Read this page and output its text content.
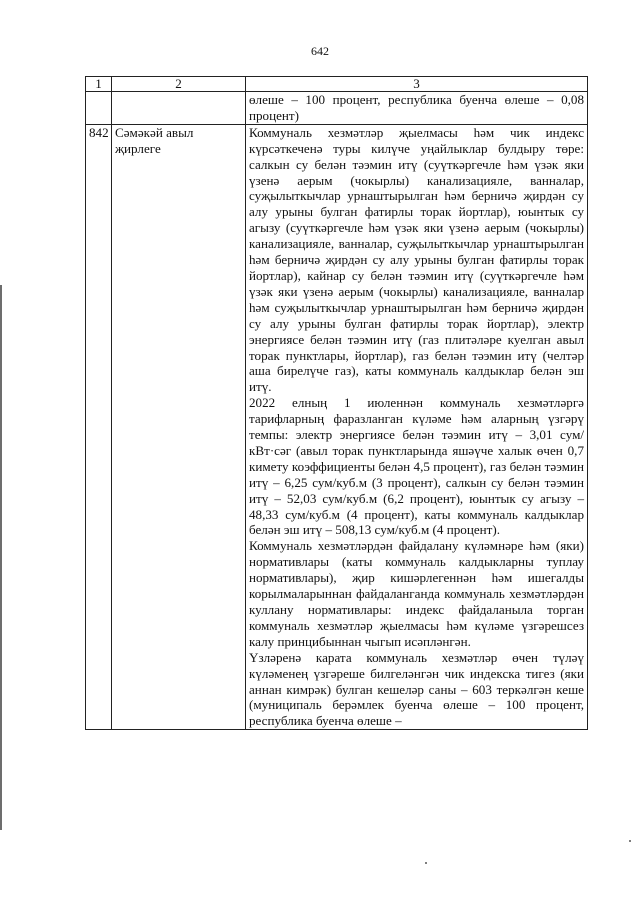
642
1	2	3
		өлеше – 100 процент, республика буенча өлеше – 0,08 процент)
842	Сәмәкәй авыл җирлеге	Коммуналь хезмәтләр җыелмасы һәм чик индекс күрсәткеченә туры килүче уңайлыклар булдыру төре: салкын су белән тәэмин итү (суүткәргечле һәм үзәк яки үзенә аерым (чокырлы) канализацияле, ванналар, суҗылыткычлар урнаштырылган һәм берничә җирдән су алу урыны булган фатирлы торак йортлар), юынтык су агызу (суүткәргечле һәм үзәк яки үзенә аерым (чокырлы) канализацияле, ванналар, суҗылыткычлар урнаштырылган һәм берничә җирдән су алу урыны булган фатирлы торак йортлар), кайнар су белән тәэмин итү (суүткәргечле һәм үзәк яки үзенә аерым (чокырлы) канализацияле, ванналар һәм суҗылыткычлар урнаштырылган һәм берничә җирдән су алу урыны булган фатирлы торак йортлар), электр энергиясе белән тәэмин итү (газ плитәләре куелган авыл торак пунктлары, йортлар), газ белән тәэмин итү (челтәр аша бирелүче газ), каты коммуналь калдыклар белән эш итү.

2022 елның 1 июленнән коммуналь хезмәтләргә тарифларның фаразланган күләме һәм аларның үзгәрү темпы: электр энергиясе белән тәэмин итү – 3,01 сум/кВт·сәг (авыл торак пунктларында яшәүче халык өчен 0,7 кимету коэффициенты белән 4,5 процент), газ белән тәэмин итү – 6,25 сум/куб.м (3 процент), салкын су белән тәэмин итү – 52,03 сум/куб.м (6,2 процент), юынтык су агызу – 48,33 сум/куб.м (4 процент), каты коммуналь калдыклар белән эш итү – 508,13 сум/куб.м (4 процент).

Коммуналь хезмәтләрдән файдалану күләмнәре һәм (яки) нормативлары (каты коммуналь калдыкларны туплау нормативлары), җир кишәрлегеннән һәм ишегалды корылмаларыннан файдаланганда коммуналь хезмәтләрдән куллану нормативлары: индекс файдаланыла торган коммуналь хезмәтләр җыелмасы һәм күләме үзгәрешсез калу принцибыннан чыгып исәпләнгән.

Үзләренә карата коммуналь хезмәтләр өчен түләү күләменең үзгәреше билгеләнгән чик индекска тигез (яки аннан кимрәк) булган кешеләр саны – 603 теркәлгән кеше (муниципаль берәмлек буенча өлеше – 100 процент, республика буенча өлеше –
